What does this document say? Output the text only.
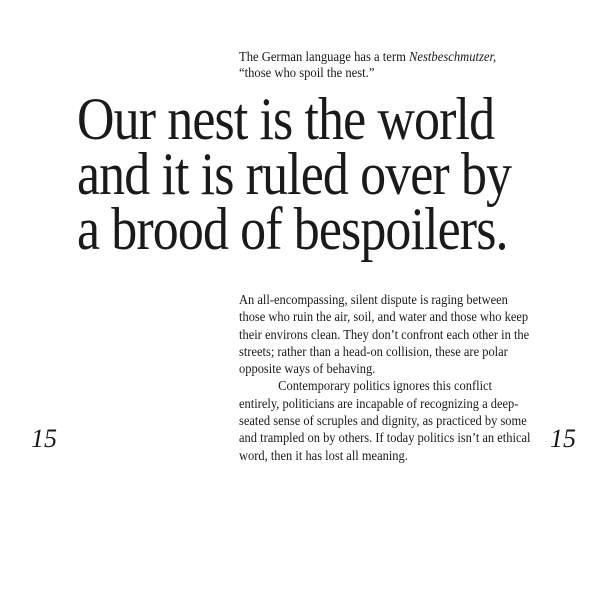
The German language has a term Nestbeschmutzer,
“those who spoil the nest.”
Our nest is the world
and it is ruled over by
a brood of bespoilers.

An all-encompassing, silent dispute is raging between those who ruin the air, soil, and water and those who keep their environs clean. They don’t confront each other in the streets; rather than a head-on collision, these are polar opposite ways of behaving.

Contemporary politics ignores this conflict entirely, politicians are incapable of recognizing a deep-seated sense of scruples and dignity, as practiced by some and trampled on by others. If today politics isn’t an ethical word, then it has lost all meaning.

15	15
